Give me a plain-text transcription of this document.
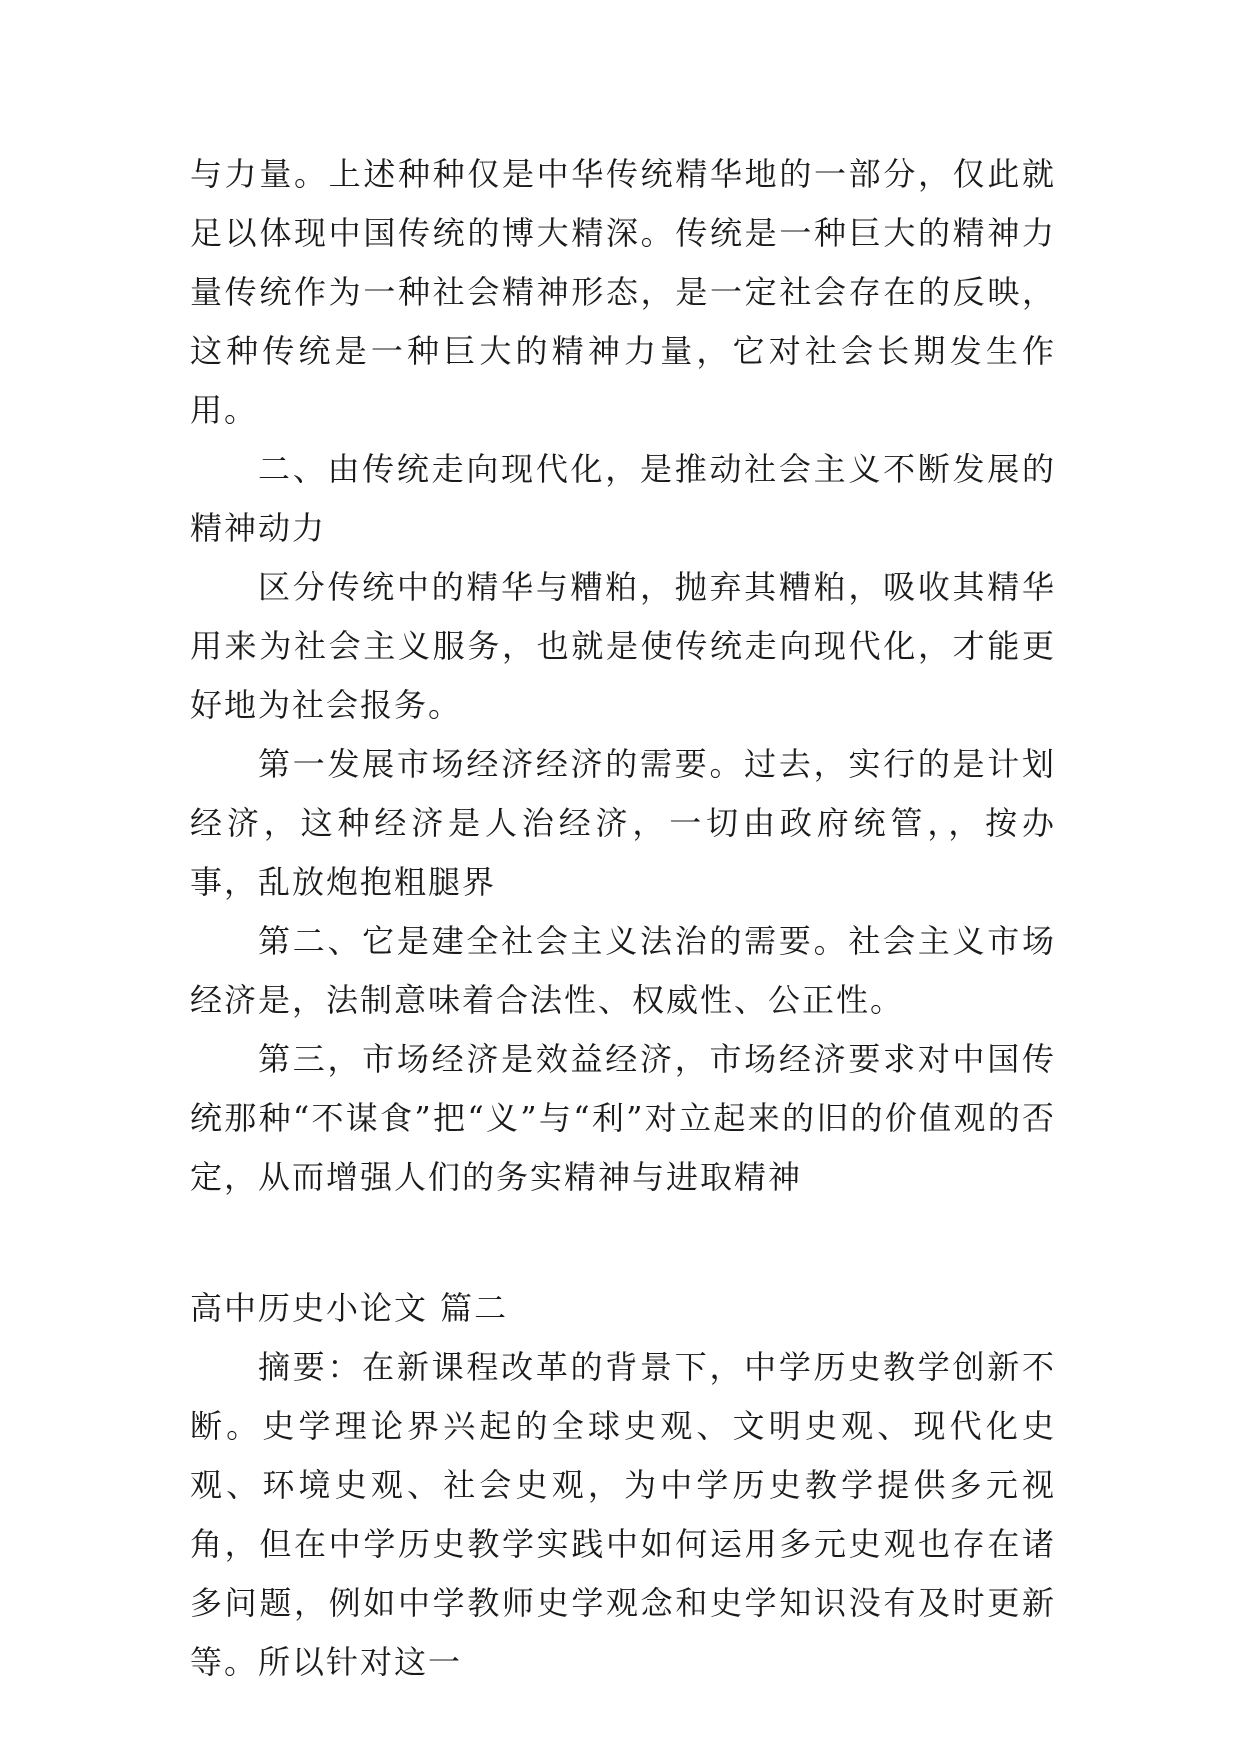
与力量。上述种种仅是中华传统精华地的一部分，仅此就足以体现中国传统的博大精深。传统是一种巨大的精神力量传统作为一种社会精神形态，是一定社会存在的反映，这种传统是一种巨大的精神力量，它对社会长期发生作用。

二、由传统走向现代化，是推动社会主义不断发展的精神动力

区分传统中的精华与糟粕，抛弃其糟粕，吸收其精华用来为社会主义服务，也就是使传统走向现代化，才能更好地为社会报务。

第一发展市场经济经济的需要。过去，实行的是计划经济，这种经济是人治经济，一切由政府统管，，按办事，乱放炮抱粗腿界

第二、它是建全社会主义法治的需要。社会主义市场经济是，法制意味着合法性、权威性、公正性。

第三，市场经济是效益经济，市场经济要求对中国传统那种“不谋食”把“义”与“利”对立起来的旧的价值观的否定，从而增强人们的务实精神与进取精神

高中历史小论文 篇二

摘要：在新课程改革的背景下，中学历史教学创新不断。史学理论界兴起的全球史观、文明史观、现代化史观、环境史观、社会史观，为中学历史教学提供多元视角，但在中学历史教学实践中如何运用多元史观也存在诸多问题，例如中学教师史学观念和史学知识没有及时更新等。所以针对这一
